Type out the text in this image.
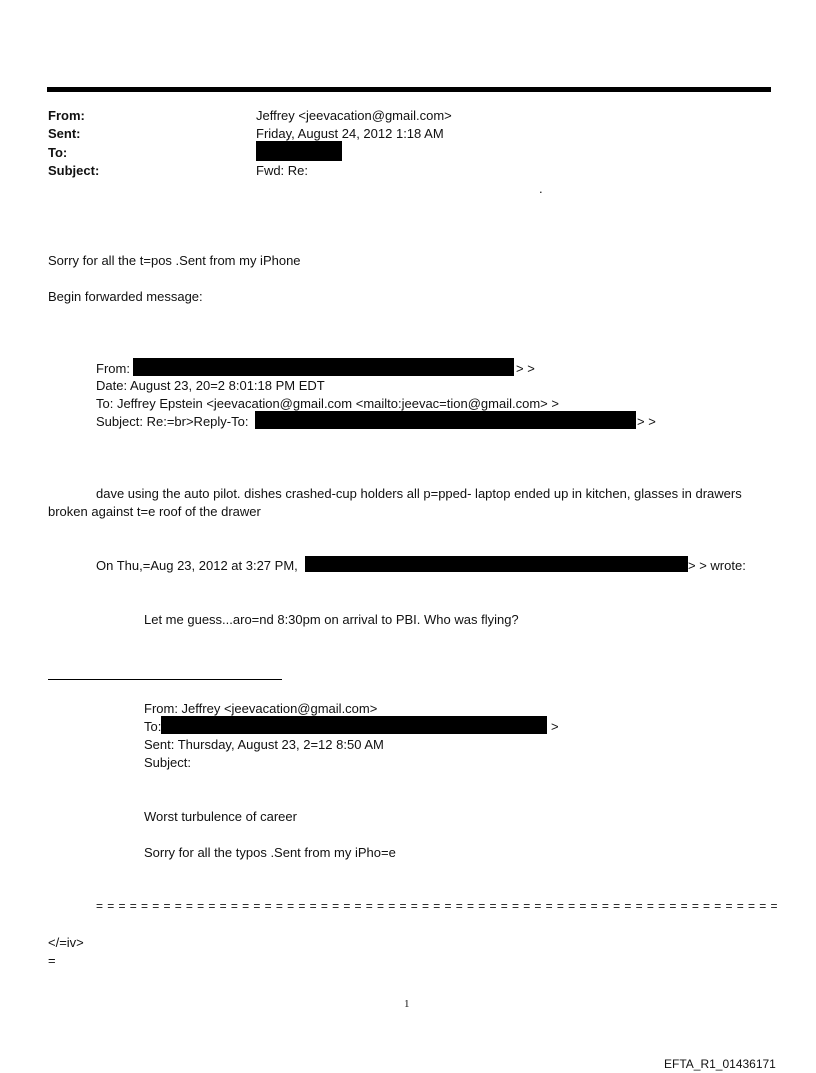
From:	Jeffrey <jeevacation@gmail.com>
Sent:	Friday, August 24, 2012 1:18 AM
To:
Subject:	Fwd: Re:
.
Sorry for all the t=pos .Sent from my iPhone
Begin forwarded message:
From:	> >
Date: August 23, 20=2 8:01:18 PM EDT
To: Jeffrey Epstein <jeevacation@gmail.com <mailto:jeevac=tion@gmail.com> >
Subject: Re:=br>Reply-To:	> >
dave using the auto pilot. dishes crashed-cup holders all p=pped- laptop ended up in kitchen, glasses in drawers
broken against t=e roof of the drawer
On Thu,=Aug 23, 2012 at 3:27 PM,	> > wrote:
Let me guess...aro=nd 8:30pm on arrival to PBI. Who was flying?
From: Jeffrey <jeevacation@gmail.com>
To:	>
Sent: Thursday, August 23, 2=12 8:50 AM
Subject:
Worst turbulence of career
Sorry for all the typos .Sent from my iPho=e
= = = = = = = = = = = = = = = = = = = = = = = = = = = = = = = = = = = = = = = = = = = = = = = = = = = = = = = = = = = = =
</=iv>
=
1
EFTA_R1_01436171
